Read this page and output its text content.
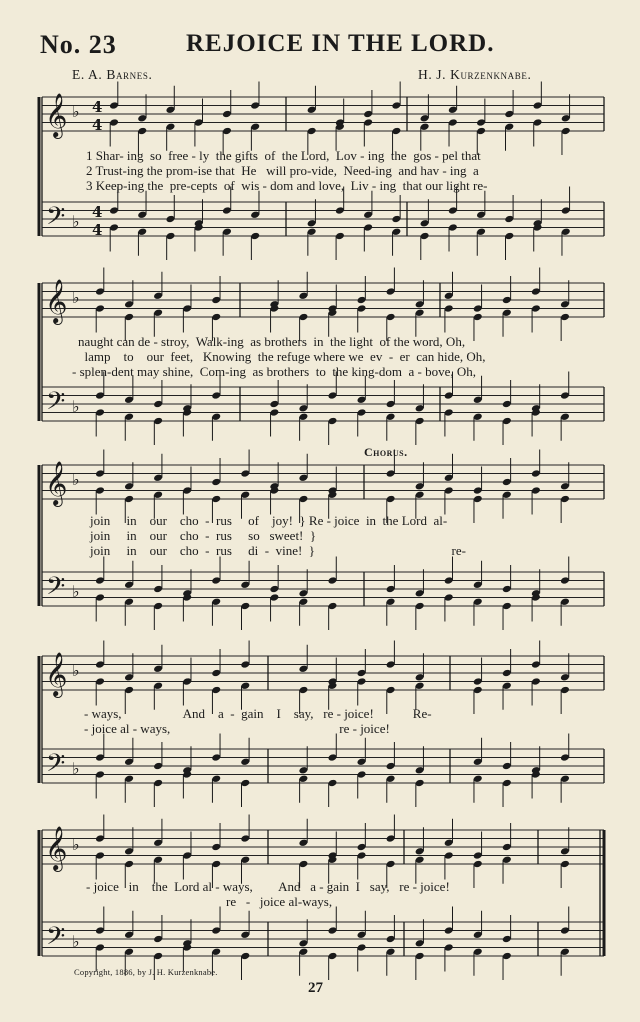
No. 23	REJOICE IN THE LORD.
E. A. Barnes.	H. J. Kurzenknabe.
𝄞 ♭ 4
4
𝄢 ♭ 4
4
𝄞 ♭
𝄢 ♭
𝄞 ♭
𝄢 ♭
𝄞 ♭
𝄢 ♭
𝄞 ♭
𝄢 ♭
1 Shar- ing  so  free - ly  the gifts  of  the Lord,  Lov - ing  the  gos - pel that
2 Trust-ing the prom-ise that  He   will pro-vide,  Need-ing  and hav - ing  a
3 Keep-ing the  pre-cepts  of  wis - dom and love,  Liv - ing  that our light re-
naught can de - stroy,  Walk-ing  as brothers  in  the light  of the word, Oh,
lamp    to    our  feet,   Knowing  the refuge where we  ev  -  er  can hide, Oh,
- splen-dent may shine,  Com-ing  as brothers  to  the king-dom  a - bove, Oh,
Chorus.
join     in    our    cho  -  rus     of    joy!  } Re - joice  in  the Lord  al-
join     in    our    cho  -  rus     so   sweet!  }
join     in    our    cho  -  rus     di  -  vine!  }                                          re-
- ways,                   And    a  -  gain    I    say,   re - joice!            Re-
- joice al - ways,                                                    re - joice!
- joice   in    the  Lord al - ways,        And   a - gain  I   say,   re - joice!
re   -   joice al-ways,
Copyright, 1886, by J. H. Kurzenknabe.
27
